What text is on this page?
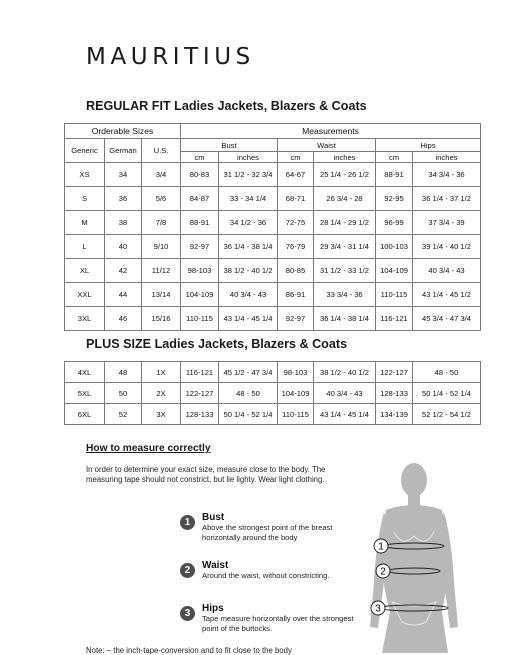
MAURITIUS
REGULAR FIT Ladies Jackets, Blazers & Coats
Orderable Sizes			Measurements					
Generic	German	U.S.	Bust		Waist		Hips	
			cm	inches	cm	inches	cm	inches
XS	34	3/4	80-83	31 1/2 - 32 3/4	64-67	25 1/4 - 26 1/2	88-91	34 3/4 - 36
S	36	5/6	84-87	33 - 34 1/4	68-71	26 3/4 - 28	92-95	36 1/4 - 37 1/2
M	38	7/8	88-91	34 1/2 - 36	72-75	28 1/4 - 29 1/2	96-99	37 3/4 - 39
L	40	9/10	92-97	36 1/4 - 38 1/4	76-79	29 3/4 - 31 1/4	100-103	39 1/4 - 40 1/2
XL	42	11/12	98-103	38 1/2 - 40 1/2	80-85	31 1/2 - 33 1/2	104-109	40 3/4 - 43
XXL	44	13/14	104-109	40 3/4 - 43	86-91	33 3/4 - 36	110-115	43 1/4 - 45 1/2
3XL	46	15/16	110-115	43 1/4 - 45 1/4	92-97	36 1/4 - 38 1/4	116-121	45 3/4 - 47 3/4
PLUS SIZE Ladies Jackets, Blazers & Coats
4XL	48	1X	116-121	45 1/2 - 47 3/4	98-103	38 1/2 - 40 1/2	122-127	48 - 50
5XL	50	2X	122-127	48 - 50	104-109	40 3/4 - 43	128-133	50 1/4 - 52 1/4
6XL	52	3X	128-133	50 1/4 - 52 1/4	110-115	43 1/4 - 45 1/4	134-139	52 1/2 - 54 1/2
How to measure correctly
In order to determine your exact size, measure close to the body. The measuring tape should not constrict, but lie lighty. Wear light clothing.
1	Bust
Above the strongest point of the breast horizontally around the body
2	Waist
Around the waist, without constricting.
3	Hips
Tape measure horizontally over the strongest point of the buttocks.
1
2
3
Note: – the inch-tape-conversion and to fit close to the body
